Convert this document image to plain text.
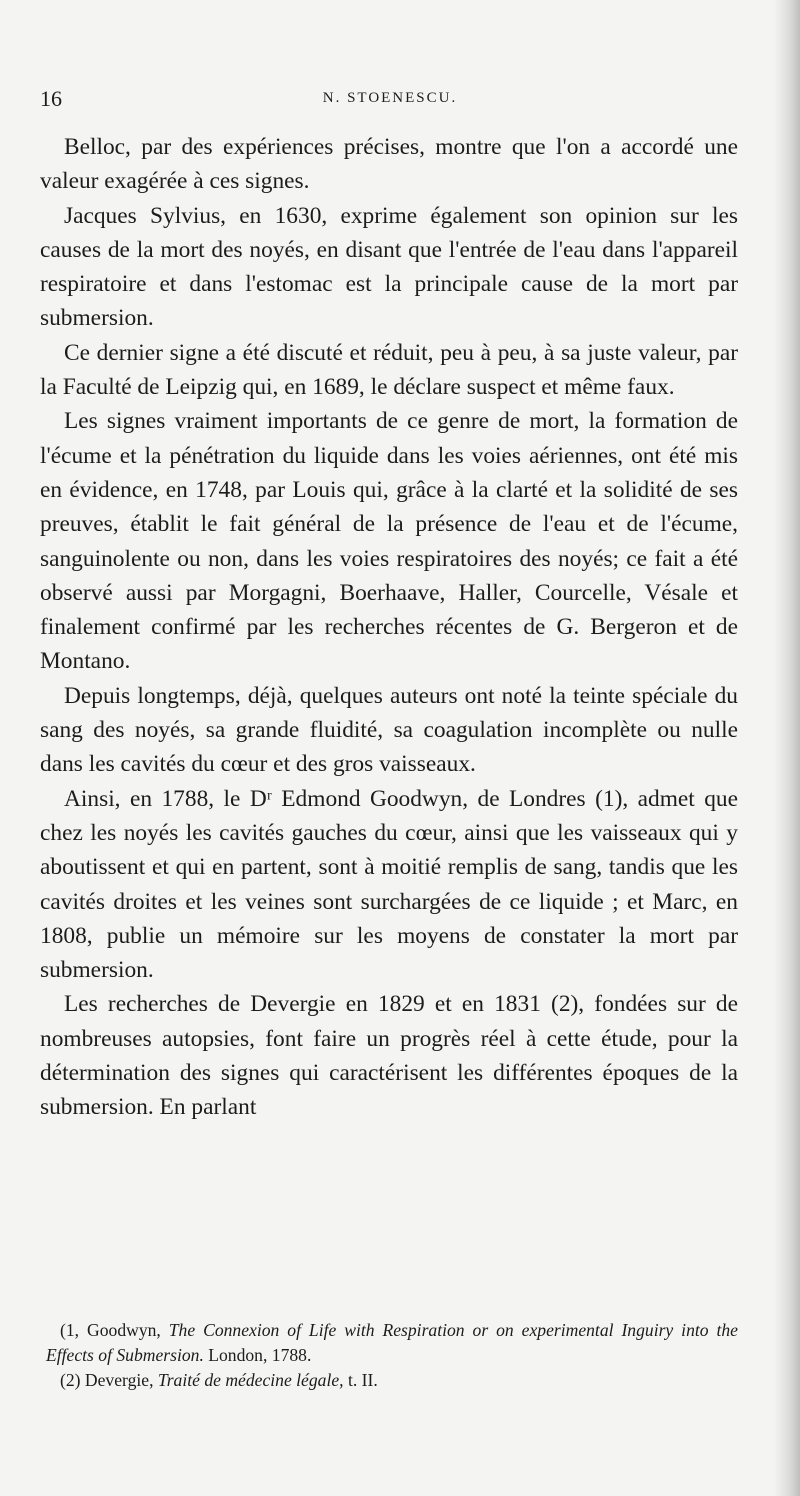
16	N. STOENESCU.

Belloc, par des expériences précises, montre que l'on a accordé une valeur exagérée à ces signes.

Jacques Sylvius, en 1630, exprime également son opinion sur les causes de la mort des noyés, en disant que l'entrée de l'eau dans l'appareil respiratoire et dans l'estomac est la principale cause de la mort par submersion.

Ce dernier signe a été discuté et réduit, peu à peu, à sa juste valeur, par la Faculté de Leipzig qui, en 1689, le déclare suspect et même faux.

Les signes vraiment importants de ce genre de mort, la formation de l'écume et la pénétration du liquide dans les voies aériennes, ont été mis en évidence, en 1748, par Louis qui, grâce à la clarté et la solidité de ses preuves, établit le fait général de la présence de l'eau et de l'écume, sanguinolente ou non, dans les voies respiratoires des noyés; ce fait a été observé aussi par Morgagni, Boerhaave, Haller, Courcelle, Vésale et finalement confirmé par les recherches récentes de G. Bergeron et de Montano.

Depuis longtemps, déjà, quelques auteurs ont noté la teinte spéciale du sang des noyés, sa grande fluidité, sa coagulation incomplète ou nulle dans les cavités du cœur et des gros vaisseaux.

Ainsi, en 1788, le Dʳ Edmond Goodwyn, de Londres (1), admet que chez les noyés les cavités gauches du cœur, ainsi que les vaisseaux qui y aboutissent et qui en partent, sont à moitié remplis de sang, tandis que les cavités droites et les veines sont surchargées de ce liquide ; et Marc, en 1808, publie un mémoire sur les moyens de constater la mort par submersion.

Les recherches de Devergie en 1829 et en 1831 (2), fondées sur de nombreuses autopsies, font faire un progrès réel à cette étude, pour la détermination des signes qui caractérisent les différentes époques de la submersion. En parlant

(1, Goodwyn, The Connexion of Life with Respiration or on experimental Inguiry into the Effects of Submersion. London, 1788.

(2) Devergie, Traité de médecine légale, t. II.
